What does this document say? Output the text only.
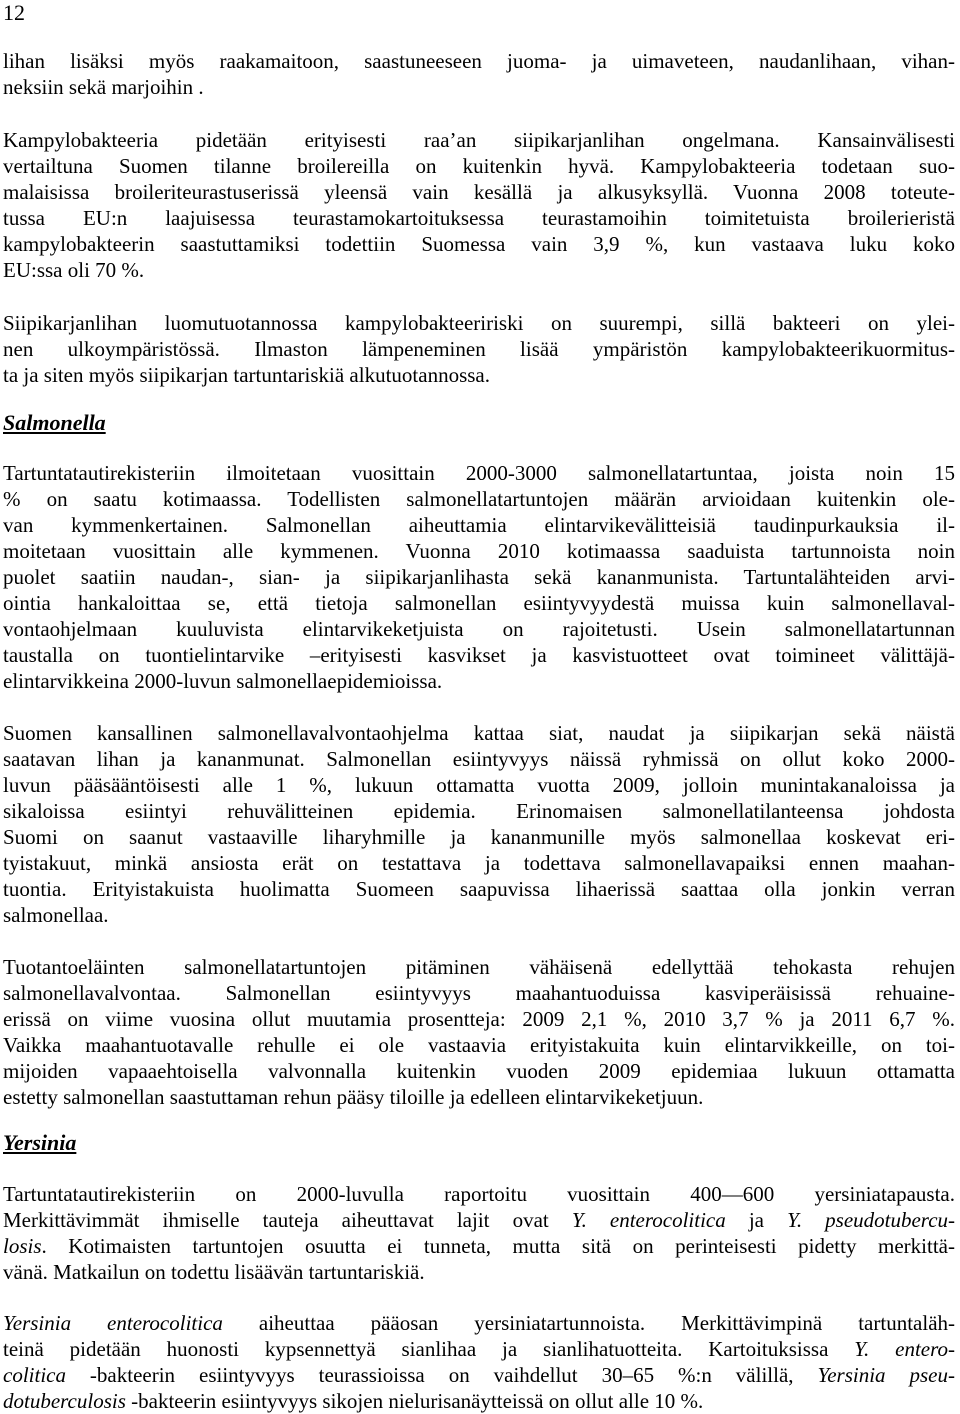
12
lihan lisäksi myös raakamaitoon, saastuneeseen juoma- ja uimaveteen, naudanlihaan, vihan-
neksiin sekä marjoihin .
Kampylobakteeria pidetään erityisesti raa’an siipikarjanlihan ongelmana. Kansainvälisesti
vertailtuna Suomen tilanne broilereilla on kuitenkin hyvä. Kampylobakteeria todetaan suo-
malaisissa broileriteurastuserissä yleensä vain kesällä ja alkusyksyllä. Vuonna 2008 toteute-
tussa EU:n laajuisessa teurastamokartoituksessa teurastamoihin toimitetuista broilerieristä
kampylobakteerin saastuttamiksi todettiin Suomessa vain 3,9 %, kun vastaava luku koko
EU:ssa oli 70 %.
Siipikarjanlihan luomutuotannossa kampylobakteeririski on suurempi, sillä bakteeri on ylei-
nen ulkoympäristössä. Ilmaston lämpeneminen lisää ympäristön kampylobakteerikuormitus-
ta ja siten myös siipikarjan tartuntariskiä alkutuotannossa.
Salmonella
Tartuntatautirekisteriin ilmoitetaan vuosittain 2000-3000 salmonellatartuntaa, joista noin 15
% on saatu kotimaassa. Todellisten salmonellatartuntojen määrän arvioidaan kuitenkin ole-
van kymmenkertainen. Salmonellan aiheuttamia elintarvikevälitteisiä taudinpurkauksia il-
moitetaan vuosittain alle kymmenen. Vuonna 2010 kotimaassa saaduista tartunnoista noin
puolet saatiin naudan-, sian- ja siipikarjanlihasta sekä kananmunista. Tartuntalähteiden arvi-
ointia hankaloittaa se, että tietoja salmonellan esiintyvyydestä muissa kuin salmonellaval-
vontaohjelmaan kuuluvista elintarvikeketjuista on rajoitetusti. Usein salmonellatartunnan
taustalla on tuontielintarvike –erityisesti kasvikset ja kasvistuotteet ovat toimineet välittäjä-
elintarvikkeina 2000-luvun salmonellaepidemioissa.
Suomen kansallinen salmonellavalvontaohjelma kattaa siat, naudat ja siipikarjan sekä näistä
saatavan lihan ja kananmunat. Salmonellan esiintyvyys näissä ryhmissä on ollut koko 2000-
luvun pääsääntöisesti alle 1 %, lukuun ottamatta vuotta 2009, jolloin munintakanaloissa ja
sikaloissa esiintyi rehuvälitteinen epidemia. Erinomaisen salmonellatilanteensa johdosta
Suomi on saanut vastaaville liharyhmille ja kananmunille myös salmonellaa koskevat eri-
tyistakuut, minkä ansiosta erät on testattava ja todettava salmonellavapaiksi ennen maahan-
tuontia. Erityistakuista huolimatta Suomeen saapuvissa lihaerissä saattaa olla jonkin verran
salmonellaa.
Tuotantoeläinten salmonellatartuntojen pitäminen vähäisenä edellyttää tehokasta rehujen
salmonellavalvontaa. Salmonellan esiintyvyys maahantuoduissa kasviperäisissä rehuaine-
erissä on viime vuosina ollut muutamia prosentteja: 2009 2,1 %, 2010 3,7 % ja 2011 6,7 %.
Vaikka maahantuotavalle rehulle ei ole vastaavia erityistakuita kuin elintarvikkeille, on toi-
mijoiden vapaaehtoisella valvonnalla kuitenkin vuoden 2009 epidemiaa lukuun ottamatta
estetty salmonellan saastuttaman rehun pääsy tiloille ja edelleen elintarvikeketjuun.
Yersinia
Tartuntatautirekisteriin on 2000-luvulla raportoitu vuosittain 400—600 yersiniatapausta.
Merkittävimmät ihmiselle tauteja aiheuttavat lajit ovat Y. enterocolitica ja Y. pseudotubercu-
losis. Kotimaisten tartuntojen osuutta ei tunneta, mutta sitä on perinteisesti pidetty merkittä-
vänä. Matkailun on todettu lisäävän tartuntariskiä.
Yersinia enterocolitica aiheuttaa pääosan yersiniatartunnoista. Merkittävimpinä tartuntaläh-
teinä pidetään huonosti kypsennettyä sianlihaa ja sianlihatuotteita. Kartoituksissa Y. entero-
colitica -bakteerin esiintyvyys teurassioissa on vaihdellut 30–65 %:n välillä, Yersinia pseu-
dotuberculosis -bakteerin esiintyvyys sikojen nielurisanäytteissä on ollut alle 10 %.
